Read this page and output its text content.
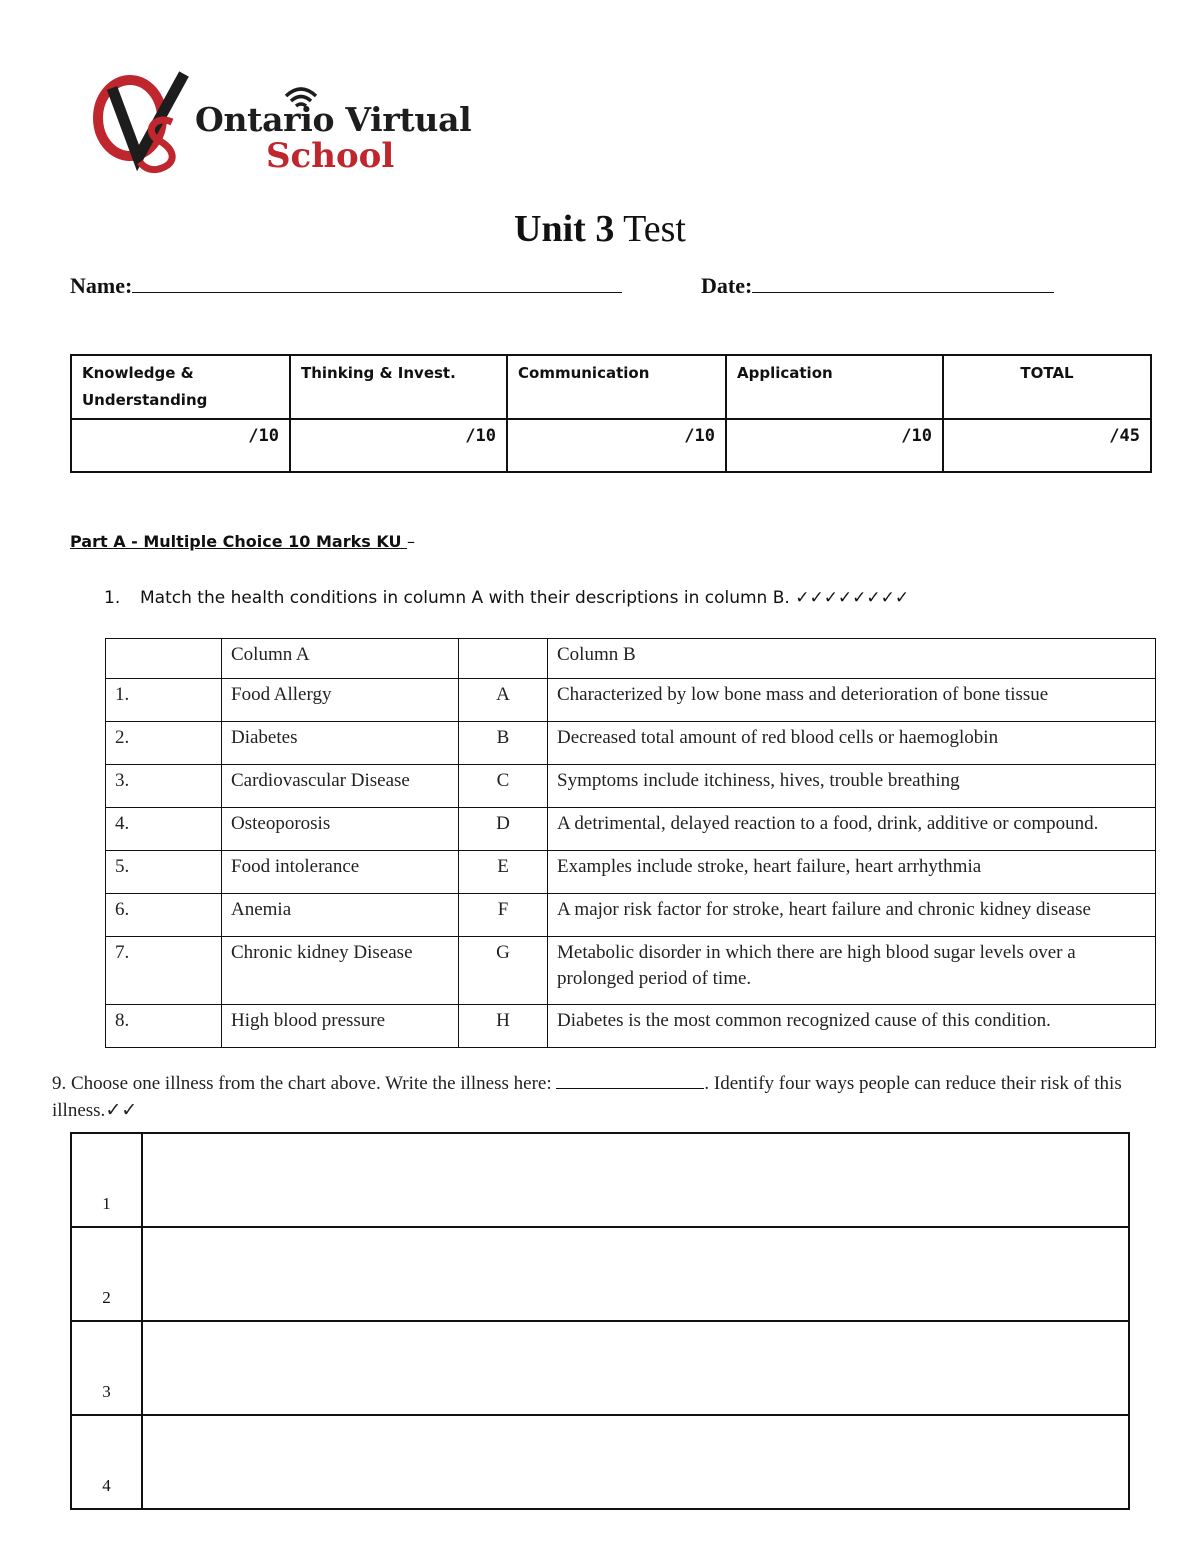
Ontario Virtual
School
Unit 3 Test
Name:	Date:
Knowledge &
Understanding	Thinking & Invest.	Communication	Application	TOTAL
/10	/10	/10	/10	/45
Part A - Multiple Choice 10 Marks KU –
1. Match the health conditions in column A with their descriptions in column B. ✓✓✓✓✓✓✓✓
	Column A		Column B
1.	Food Allergy	A	Characterized by low bone mass and deterioration of bone tissue
2.	Diabetes	B	Decreased total amount of red blood cells or haemoglobin
3.	Cardiovascular Disease	C	Symptoms include itchiness, hives, trouble breathing
4.	Osteoporosis	D	A detrimental, delayed reaction to a food, drink, additive or compound.
5.	Food intolerance	E	Examples include stroke, heart failure, heart arrhythmia
6.	Anemia	F	A major risk factor for stroke, heart failure and chronic kidney disease
7.	Chronic kidney Disease	G	Metabolic disorder in which there are high blood sugar levels over a prolonged period of time.
8.	High blood pressure	H	Diabetes is the most common recognized cause of this condition.
9. Choose one illness from the chart above. Write the illness here:	. Identify four ways people can reduce their risk of this illness.✓✓
1	
2	
3	
4	
